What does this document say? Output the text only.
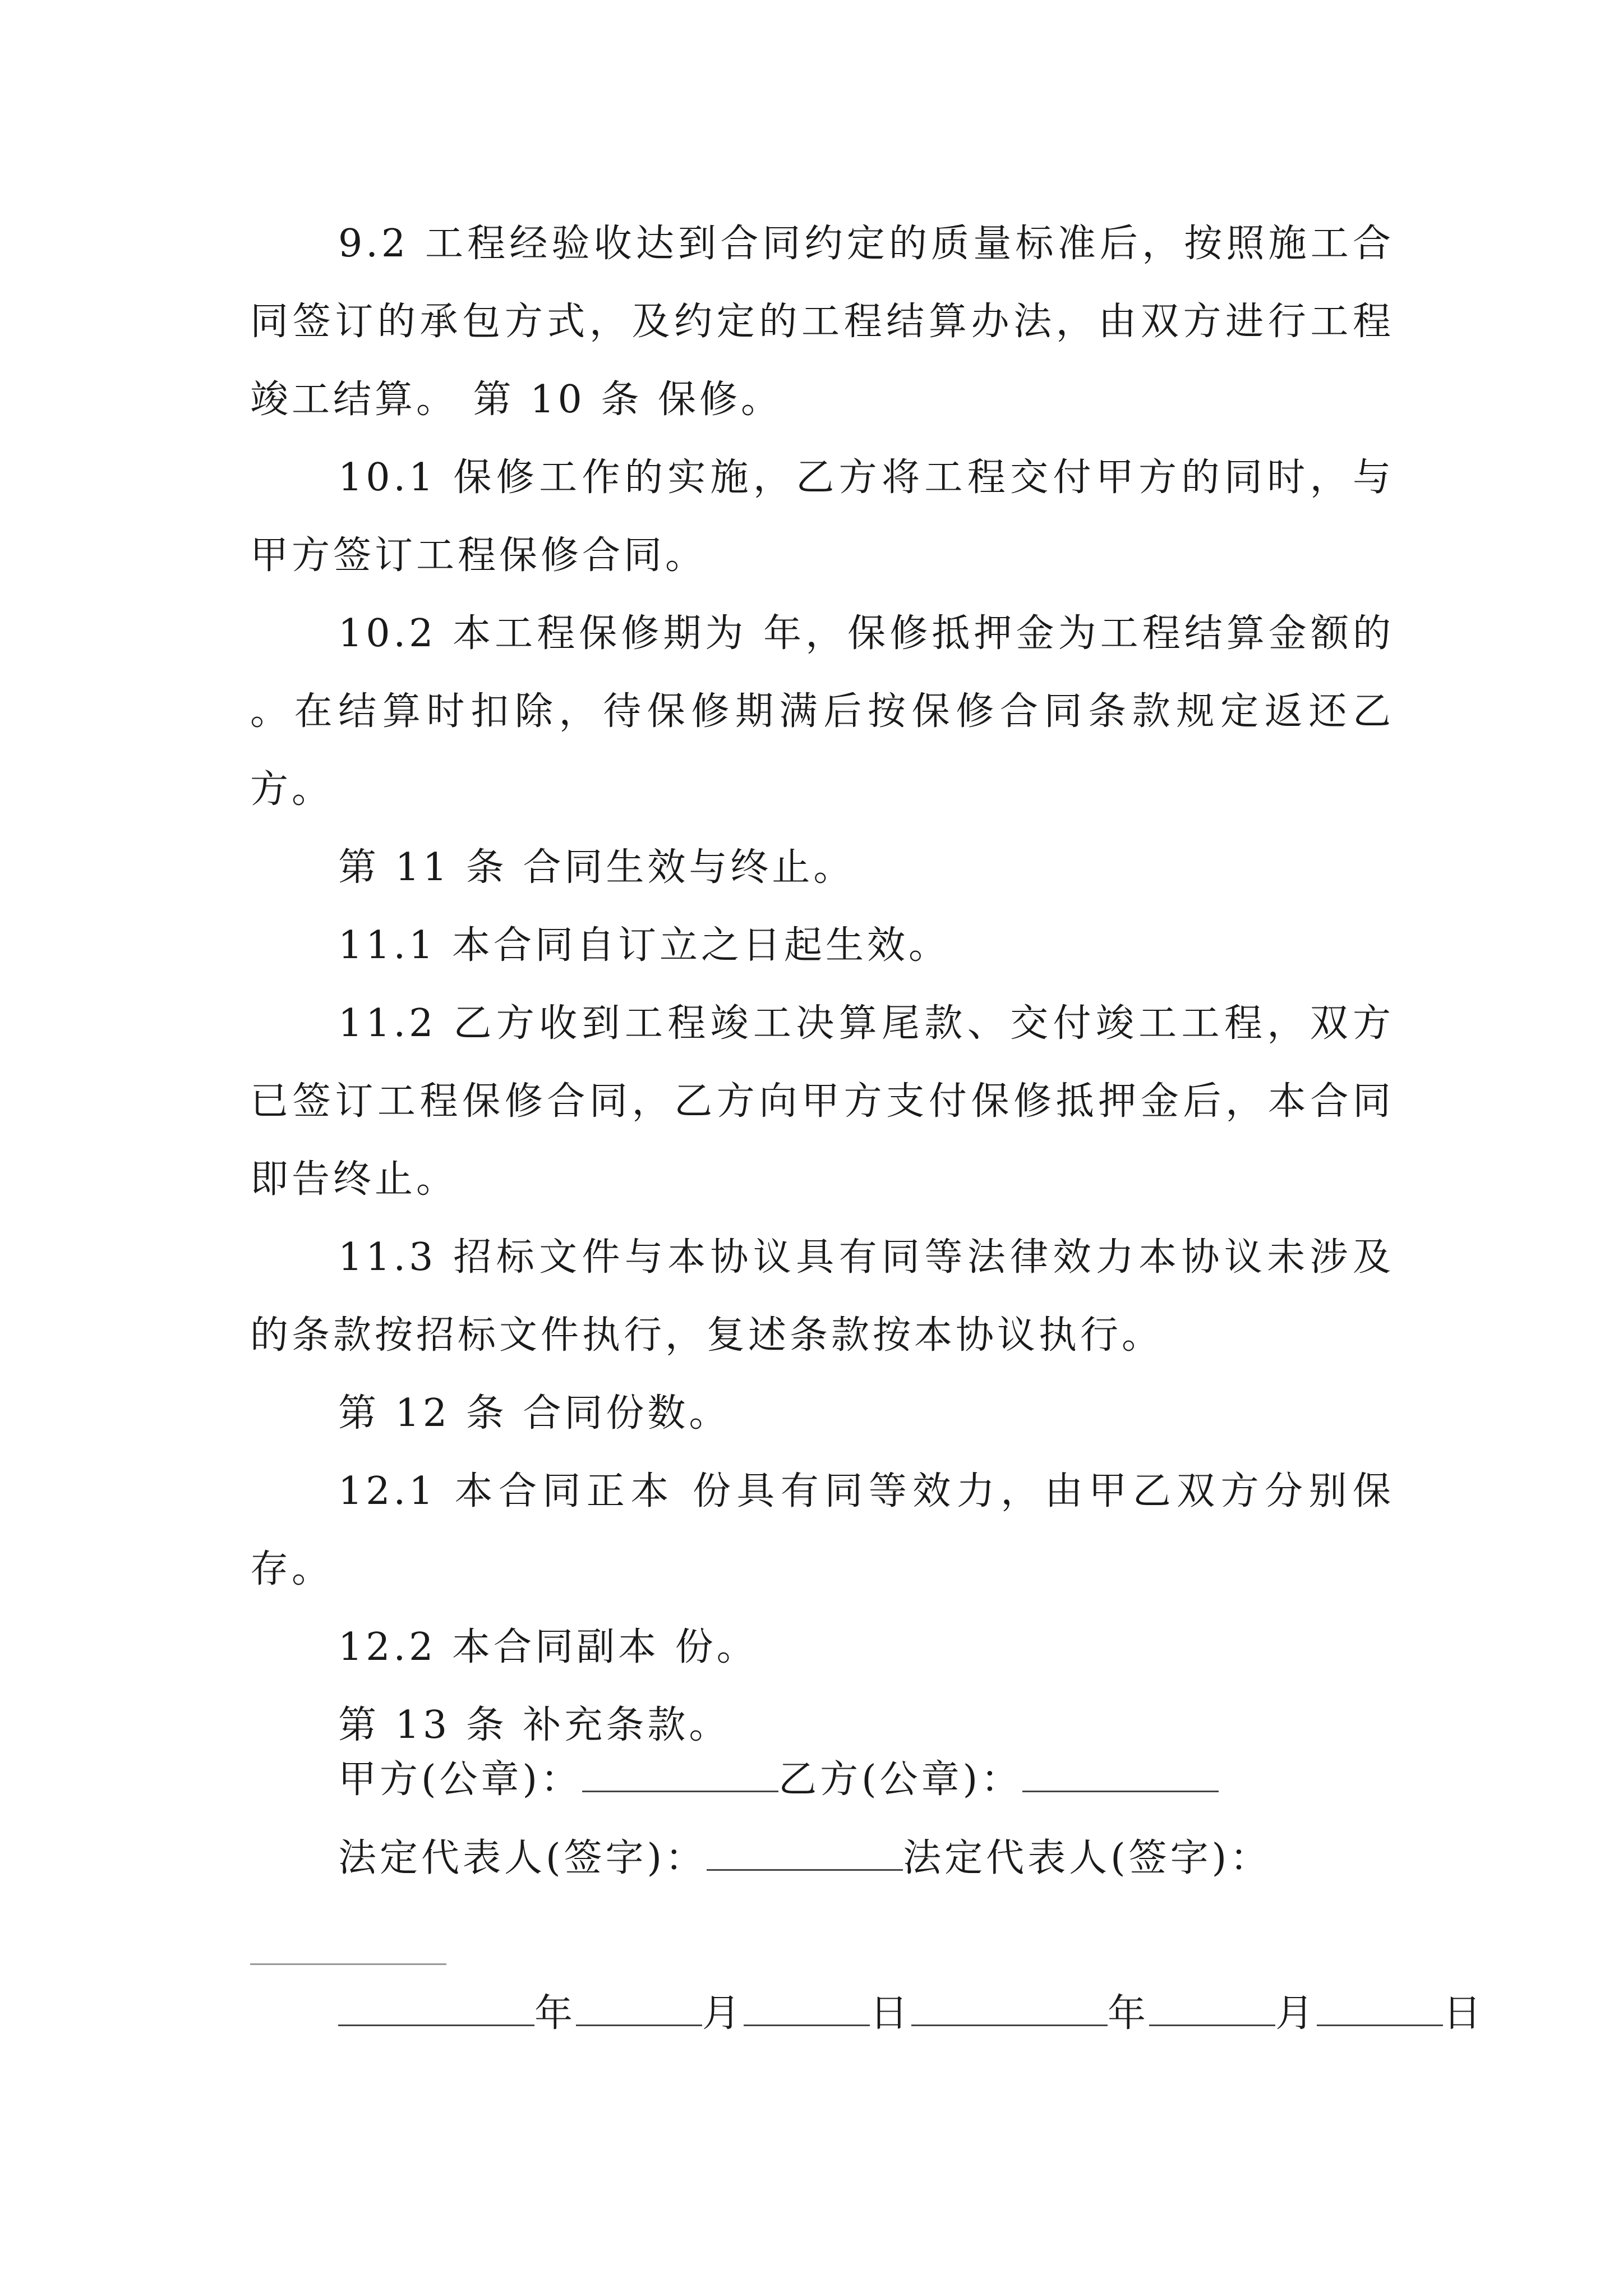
9.2 工程经验收达到合同约定的质量标准后，按照施工合同签订的承包方式，及约定的工程结算办法，由双方进行工程竣工结算。 第 10 条 保修。

10.1 保修工作的实施，乙方将工程交付甲方的同时，与甲方签订工程保修合同。

10.2 本工程保修期为 年，保修抵押金为工程结算金额的 。在结算时扣除，待保修期满后按保修合同条款规定返还乙方。

第 11 条 合同生效与终止。

11.1 本合同自订立之日起生效。

11.2 乙方收到工程竣工决算尾款、交付竣工工程，双方已签订工程保修合同，乙方向甲方支付保修抵押金后，本合同即告终止。

11.3 招标文件与本协议具有同等法律效力本协议未涉及的条款按招标文件执行，复述条款按本协议执行。

第 12 条 合同份数。

12.1 本合同正本 份具有同等效力，由甲乙双方分别保存。

12.2 本合同副本 份。

第 13 条 补充条款。

甲方(公章)：	乙方(公章)：
法定代表人(签字)：	法定代表人(签字)：
年	月	日	年	月	日
